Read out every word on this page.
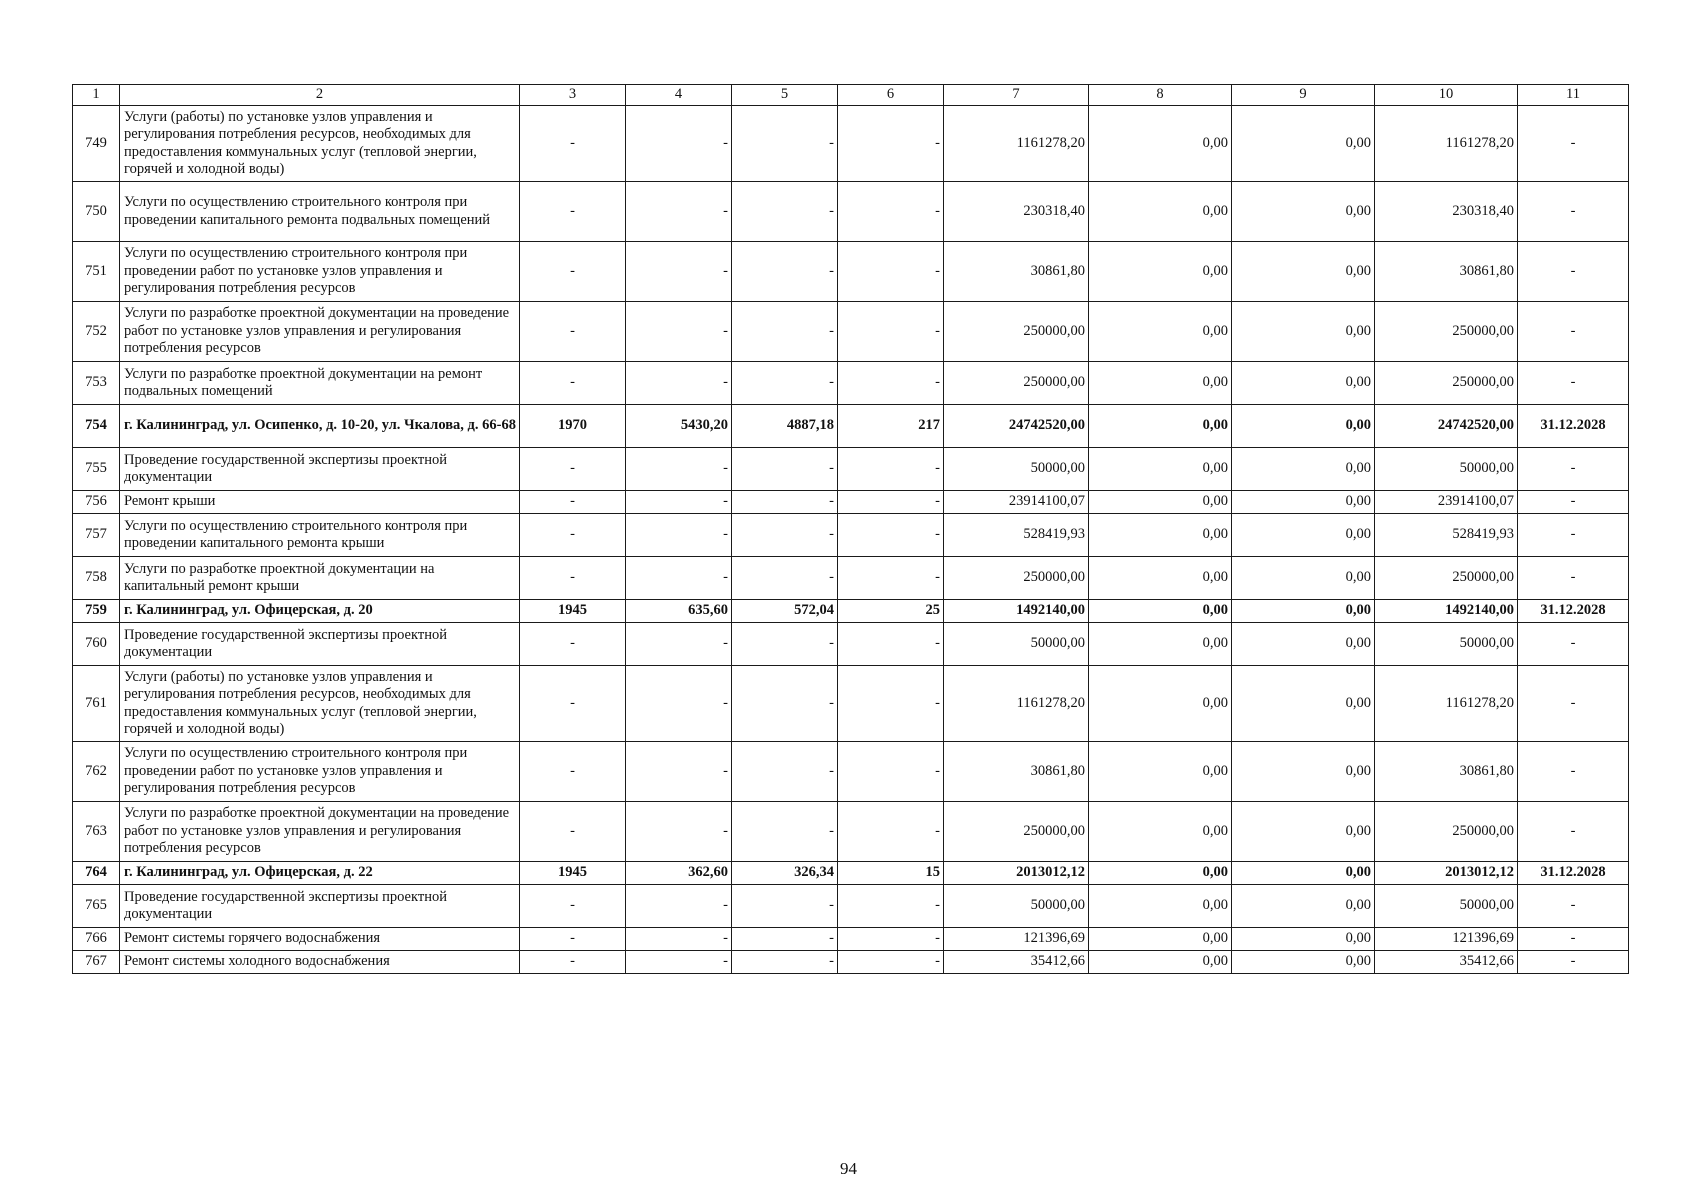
1	2	3	4	5	6	7	8	9	10	11
749	Услуги (работы) по установке узлов управления и регулирования потребления ресурсов, необходимых для предоставления коммунальных услуг (тепловой энергии, горячей и холодной воды)	-	-	-	-	1161278,20	0,00	0,00	1161278,20	-
750	Услуги по осуществлению строительного контроля при проведении капитального ремонта подвальных помещений	-	-	-	-	230318,40	0,00	0,00	230318,40	-
751	Услуги по осуществлению строительного контроля при проведении работ по установке узлов управления и регулирования потребления ресурсов	-	-	-	-	30861,80	0,00	0,00	30861,80	-
752	Услуги по разработке проектной документации на проведение работ по установке узлов управления и регулирования потребления ресурсов	-	-	-	-	250000,00	0,00	0,00	250000,00	-
753	Услуги по разработке проектной документации на ремонт подвальных помещений	-	-	-	-	250000,00	0,00	0,00	250000,00	-
754	г. Калининград, ул. Осипенко, д. 10-20, ул. Чкалова, д. 66-68	1970	5430,20	4887,18	217	24742520,00	0,00	0,00	24742520,00	31.12.2028
755	Проведение государственной экспертизы проектной документации	-	-	-	-	50000,00	0,00	0,00	50000,00	-
756	Ремонт крыши	-	-	-	-	23914100,07	0,00	0,00	23914100,07	-
757	Услуги по осуществлению строительного контроля при проведении капитального ремонта крыши	-	-	-	-	528419,93	0,00	0,00	528419,93	-
758	Услуги по разработке проектной документации на капитальный ремонт крыши	-	-	-	-	250000,00	0,00	0,00	250000,00	-
759	г. Калининград, ул. Офицерская, д. 20	1945	635,60	572,04	25	1492140,00	0,00	0,00	1492140,00	31.12.2028
760	Проведение государственной экспертизы проектной документации	-	-	-	-	50000,00	0,00	0,00	50000,00	-
761	Услуги (работы) по установке узлов управления и регулирования потребления ресурсов, необходимых для предоставления коммунальных услуг (тепловой энергии, горячей и холодной воды)	-	-	-	-	1161278,20	0,00	0,00	1161278,20	-
762	Услуги по осуществлению строительного контроля при проведении работ по установке узлов управления и регулирования потребления ресурсов	-	-	-	-	30861,80	0,00	0,00	30861,80	-
763	Услуги по разработке проектной документации на проведение работ по установке узлов управления и регулирования потребления ресурсов	-	-	-	-	250000,00	0,00	0,00	250000,00	-
764	г. Калининград, ул. Офицерская, д. 22	1945	362,60	326,34	15	2013012,12	0,00	0,00	2013012,12	31.12.2028
765	Проведение государственной экспертизы проектной документации	-	-	-	-	50000,00	0,00	0,00	50000,00	-
766	Ремонт системы горячего водоснабжения	-	-	-	-	121396,69	0,00	0,00	121396,69	-
767	Ремонт системы холодного водоснабжения	-	-	-	-	35412,66	0,00	0,00	35412,66	-
94
